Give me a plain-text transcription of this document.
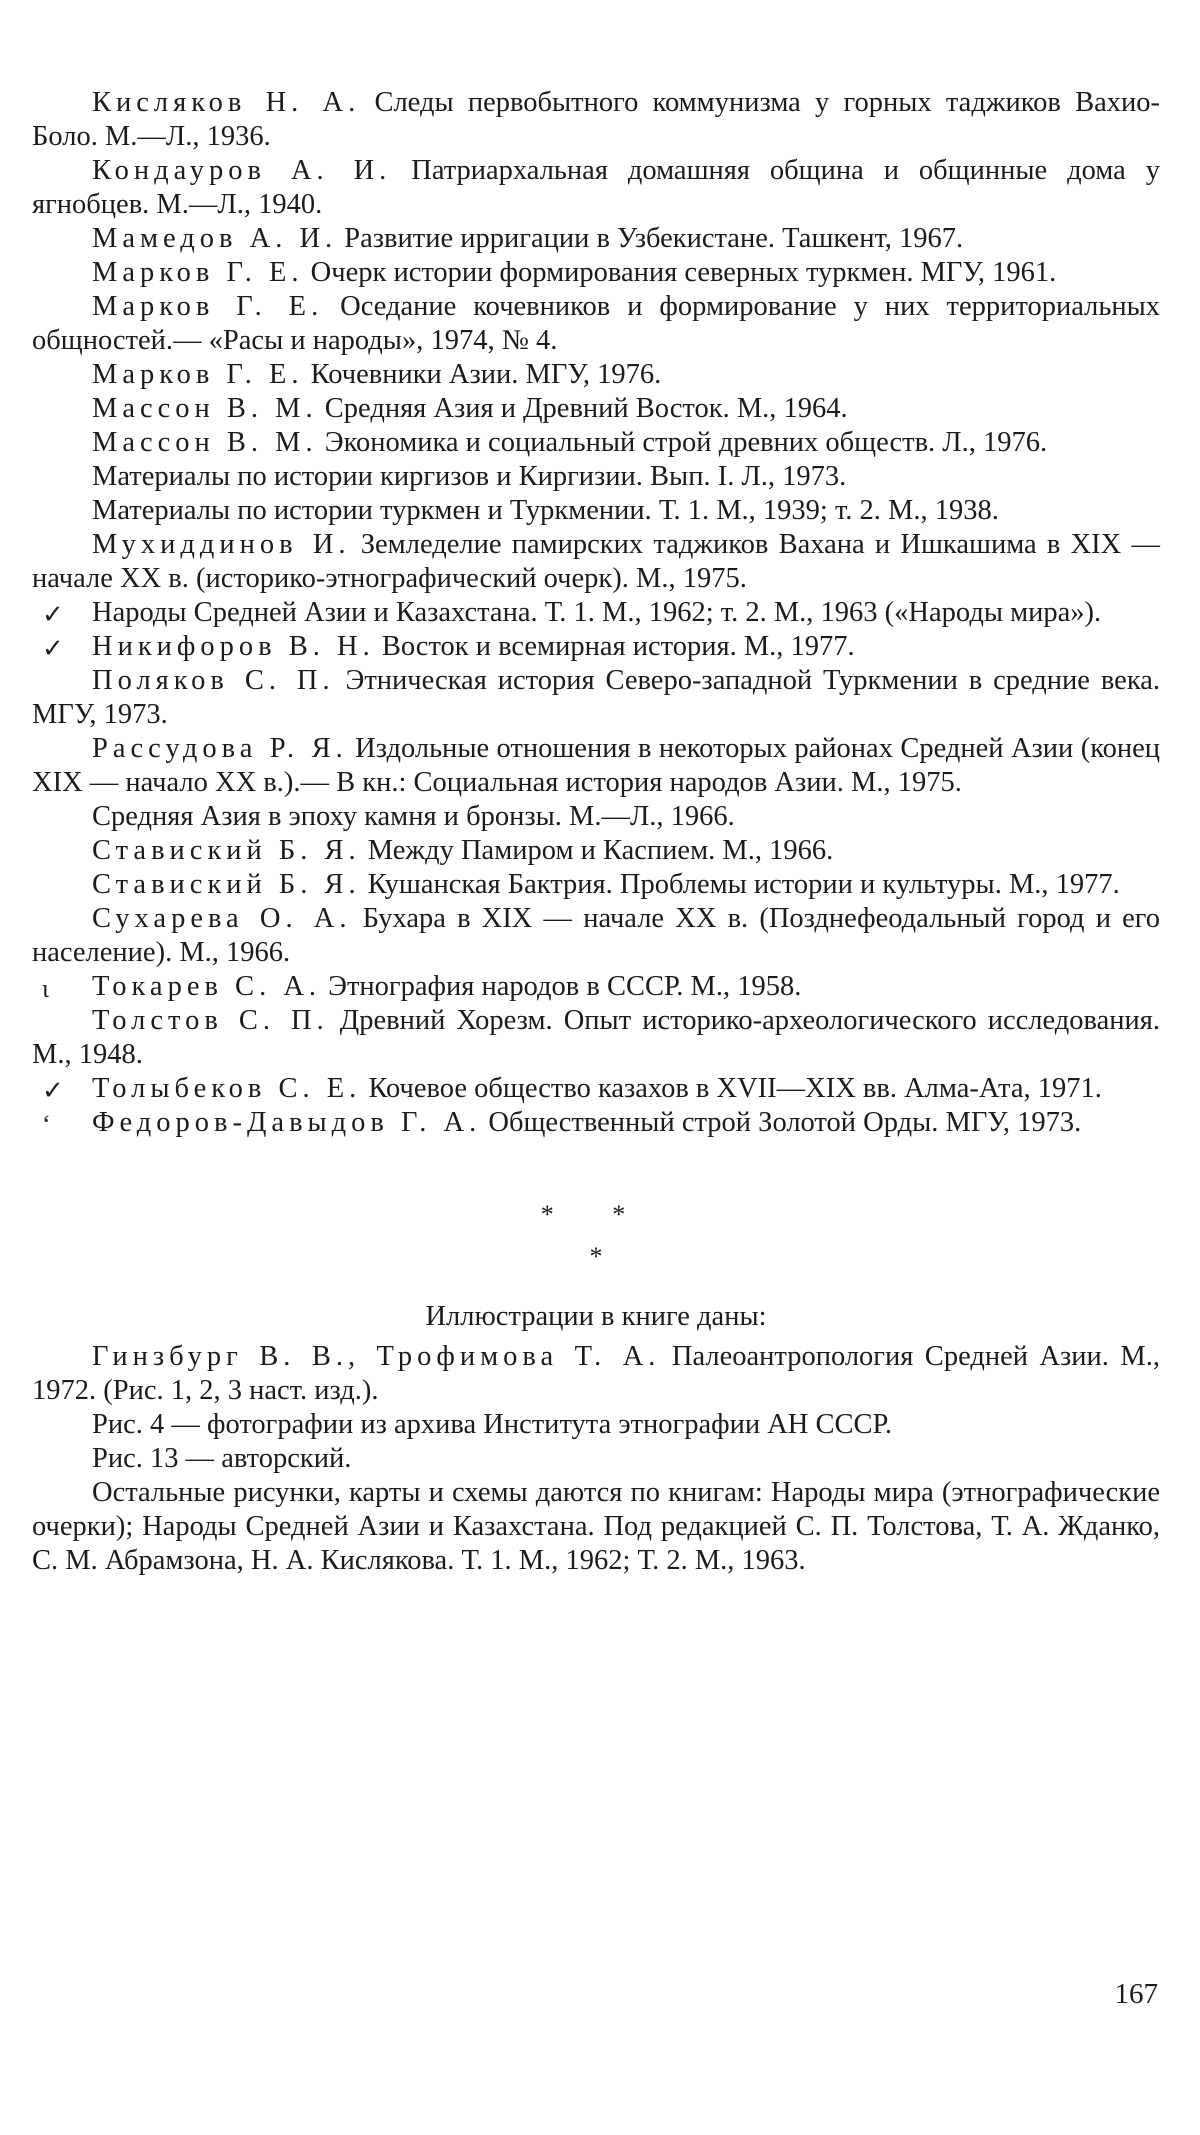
Кисляков Н. А. Следы первобытного коммунизма у горных таджиков Вахио-Боло. М.—Л., 1936.

Кондауров А. И. Патриархальная домашняя община и общинные дома у ягнобцев. М.—Л., 1940.

Мамедов А. И. Развитие ирригации в Узбекистане. Ташкент, 1967.

Марков Г. Е. Очерк истории формирования северных туркмен. МГУ, 1961.

Марков Г. Е. Оседание кочевников и формирование у них территориальных общностей.— «Расы и народы», 1974, № 4.

Марков Г. Е. Кочевники Азии. МГУ, 1976.

Массон В. М. Средняя Азия и Древний Восток. М., 1964.

Массон В. М. Экономика и социальный строй древних обществ. Л., 1976.

Материалы по истории киргизов и Киргизии. Вып. I. Л., 1973.

Материалы по истории туркмен и Туркмении. Т. 1. М., 1939; т. 2. М., 1938.

Мухиддинов И. Земледелие памирских таджиков Вахана и Ишкашима в XIX — начале XX в. (историко-этнографический очерк). М., 1975.

✓ Народы Средней Азии и Казахстана. Т. 1. М., 1962; т. 2. М., 1963 («Народы мира»).

✓ Никифоров В. Н. Восток и всемирная история. М., 1977.

Поляков С. П. Этническая история Северо-западной Туркмении в средние века. МГУ, 1973.

Рассудова Р. Я. Издольные отношения в некоторых районах Средней Азии (конец XIX — начало XX в.).— В кн.: Социальная история народов Азии. М., 1975.

Средняя Азия в эпоху камня и бронзы. М.—Л., 1966.

Ставиский Б. Я. Между Памиром и Каспием. М., 1966.

Ставиский Б. Я. Кушанская Бактрия. Проблемы истории и культуры. М., 1977.

Сухарева О. А. Бухара в XIX — начале XX в. (Позднефеодальный город и его население). М., 1966.

ɩ	Токарев С. А. Этнография народов в СССР. М., 1958.

Толстов С. П. Древний Хорезм. Опыт историко-археологического исследования. М., 1948.

✓ Толыбеков С. Е. Кочевое общество казахов в XVII—XIX вв. Алма-Ата, 1971.

ʻ	Федоров-Давыдов Г. А. Общественный строй Золотой Орды. МГУ, 1973.

* *
*
Иллюстрации в книге даны:

Гинзбург В. В., Трофимова Т. А. Палеоантропология Средней Азии. М., 1972. (Рис. 1, 2, 3 наст. изд.).

Рис. 4 — фотографии из архива Института этнографии АН СССР.

Рис. 13 — авторский.

Остальные рисунки, карты и схемы даются по книгам: Народы мира (этнографические очерки); Народы Средней Азии и Казахстана. Под редакцией С. П. Толстова, Т. А. Жданко, С. М. Абрамзона, Н. А. Кислякова. Т. 1. М., 1962; Т. 2. М., 1963.

167
